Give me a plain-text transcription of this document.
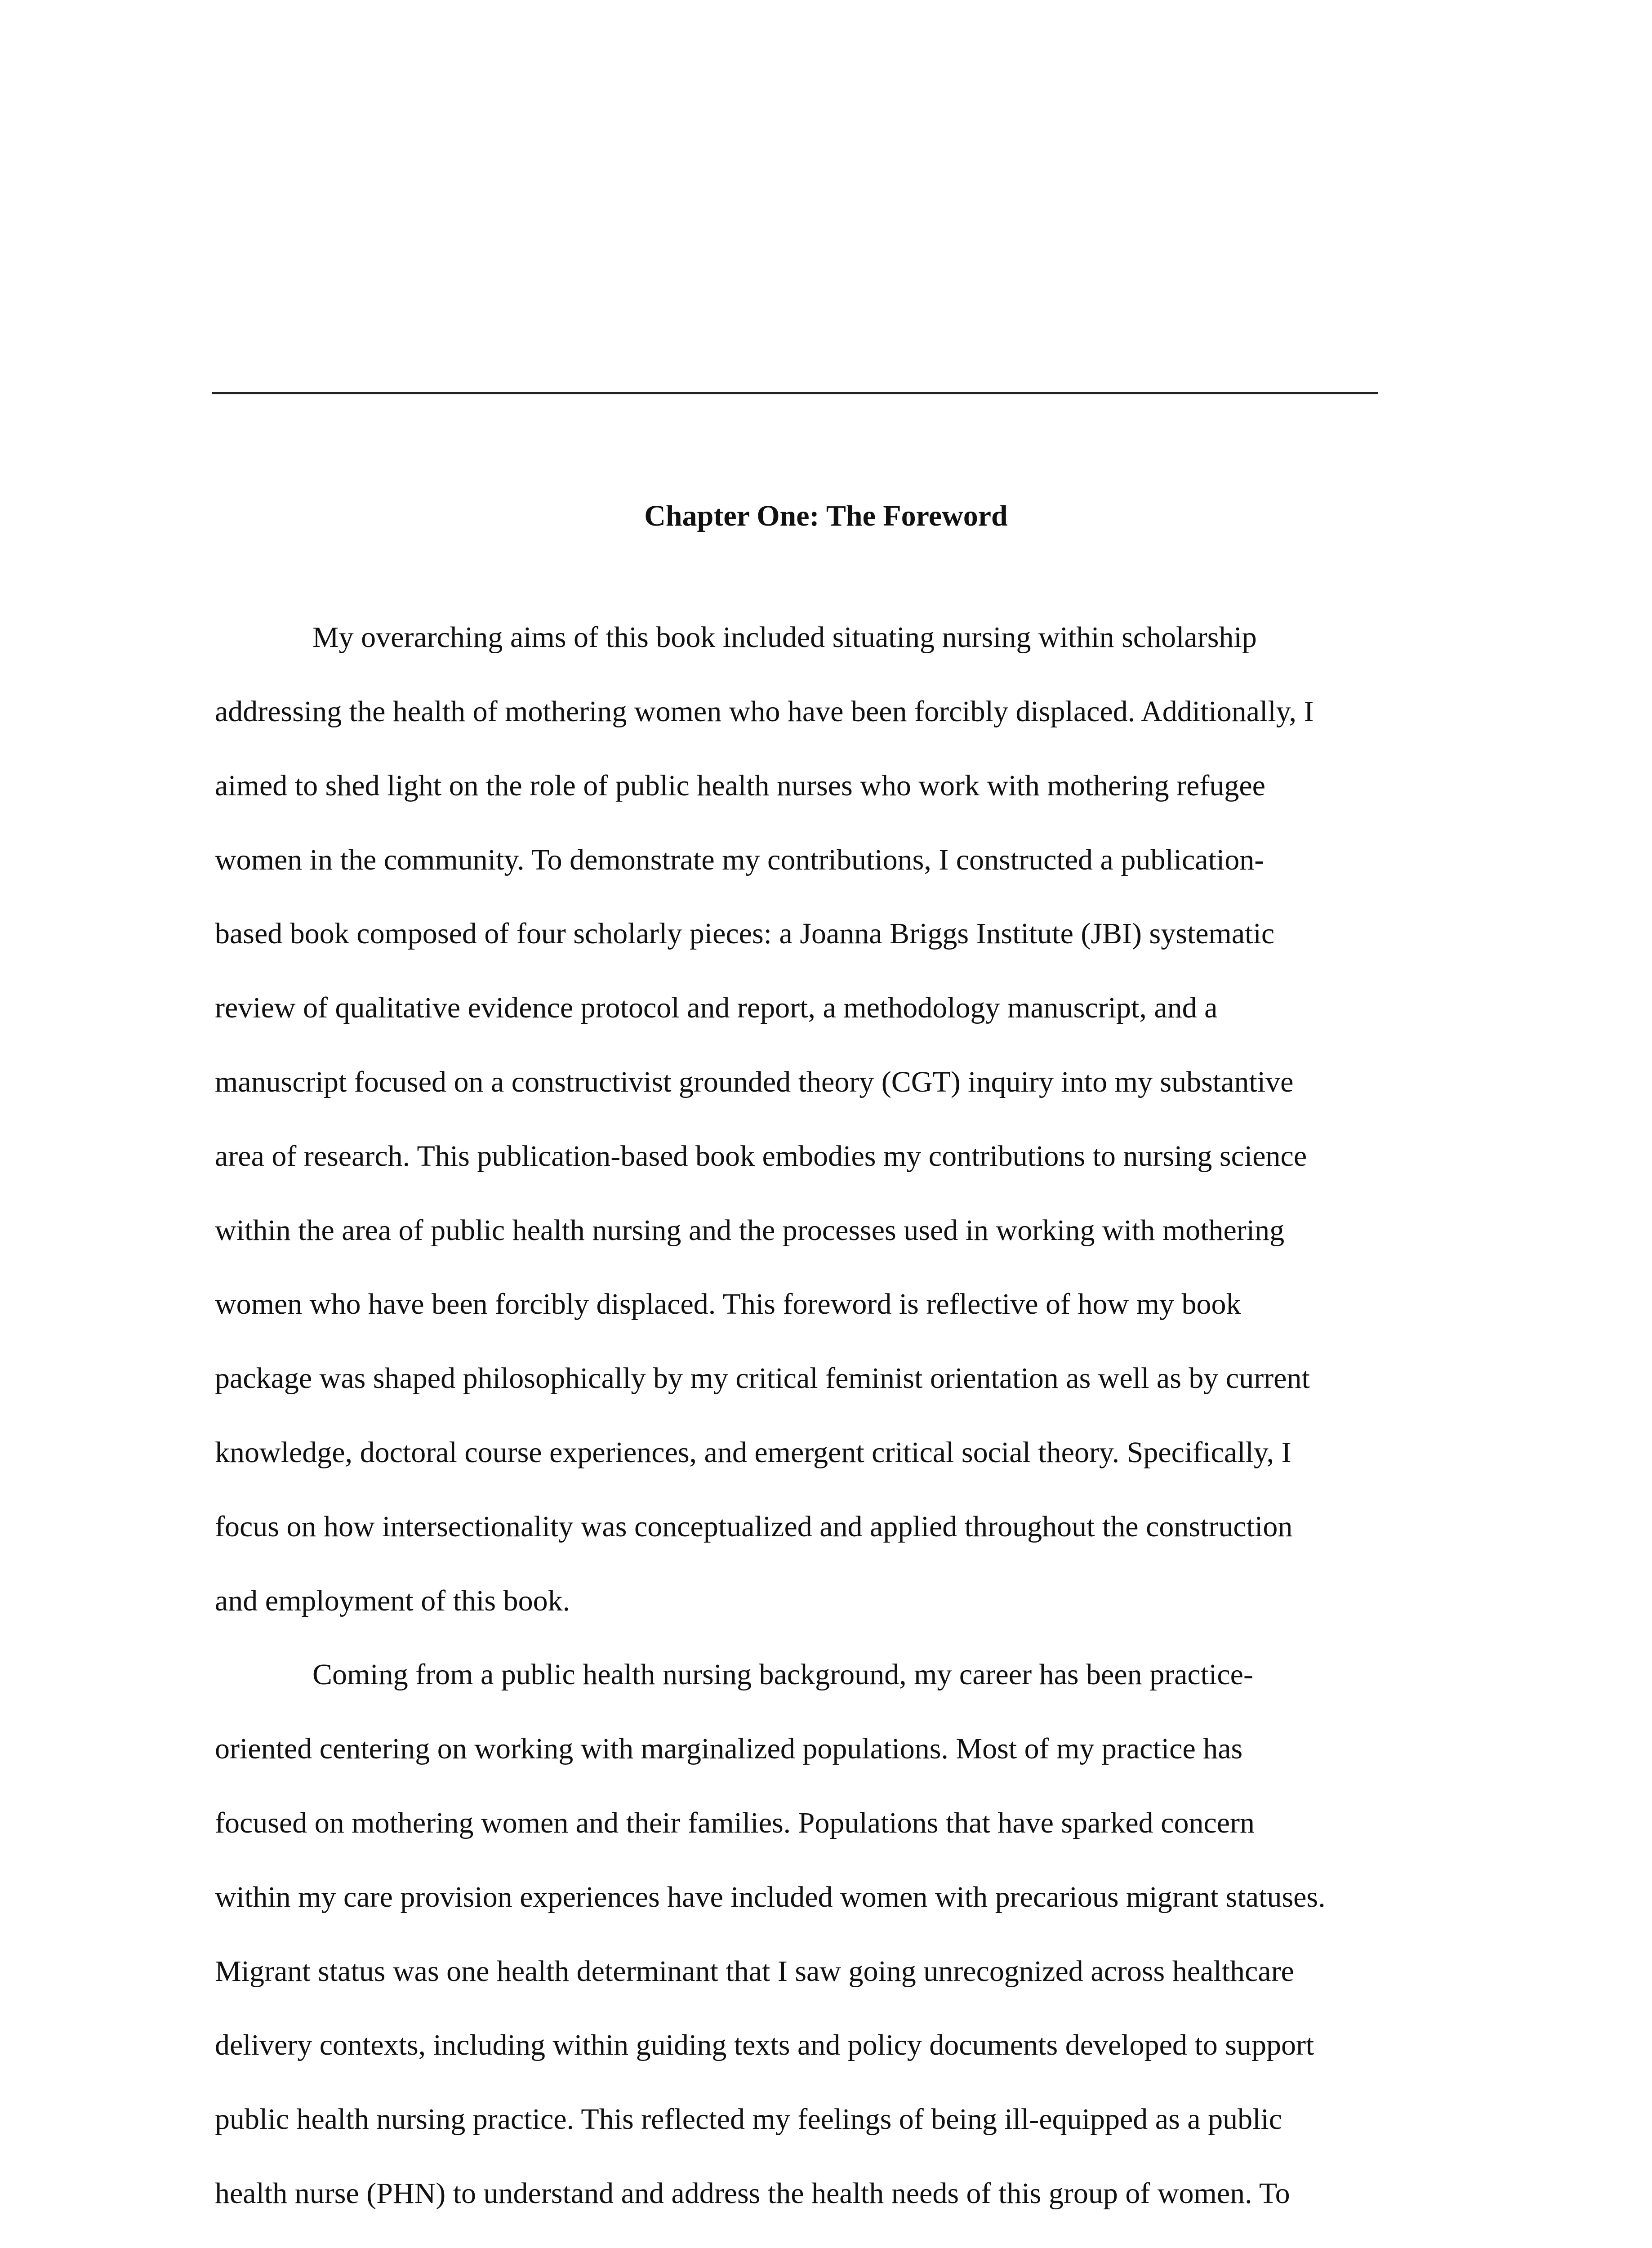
Chapter One: The Foreword

My overarching aims of this book included situating nursing within scholarship

addressing the health of mothering women who have been forcibly displaced. Additionally, I

aimed to shed light on the role of public health nurses who work with mothering refugee

women in the community. To demonstrate my contributions, I constructed a publication-

based book composed of four scholarly pieces: a Joanna Briggs Institute (JBI) systematic

review of qualitative evidence protocol and report, a methodology manuscript, and a

manuscript focused on a constructivist grounded theory (CGT) inquiry into my substantive

area of research. This publication-based book embodies my contributions to nursing science

within the area of public health nursing and the processes used in working with mothering

women who have been forcibly displaced. This foreword is reflective of how my book

package was shaped philosophically by my critical feminist orientation as well as by current

knowledge, doctoral course experiences, and emergent critical social theory. Specifically, I

focus on how intersectionality was conceptualized and applied throughout the construction

and employment of this book.

Coming from a public health nursing background, my career has been practice-

oriented centering on working with marginalized populations. Most of my practice has

focused on mothering women and their families. Populations that have sparked concern

within my care provision experiences have included women with precarious migrant statuses.

Migrant status was one health determinant that I saw going unrecognized across healthcare

delivery contexts, including within guiding texts and policy documents developed to support

public health nursing practice. This reflected my feelings of being ill-equipped as a public

health nurse (PHN) to understand and address the health needs of this group of women. To
